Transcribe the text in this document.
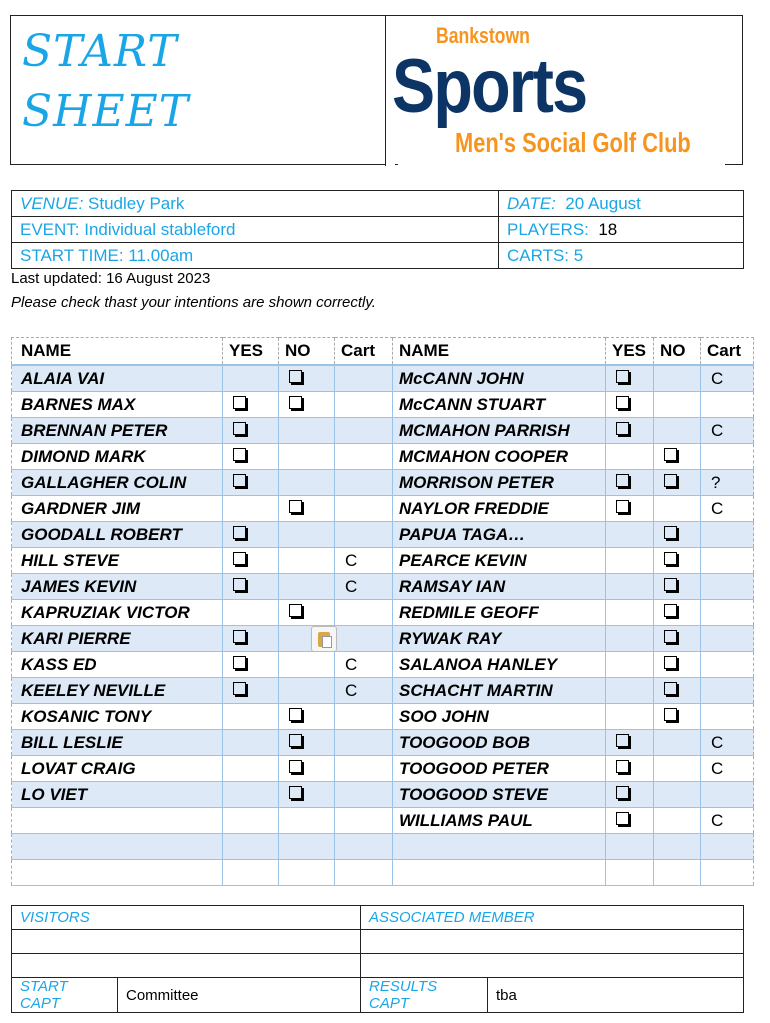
START
SHEET
Bankstown
Sports
Men's Social Golf Club
VENUE: Studley Park	DATE: 20 August
EVENT: Individual stableford	PLAYERS: 18
START TIME: 11.00am	CARTS: 5
Last updated: 16 August 2023
Please check thast your intentions are shown correctly.
NAME	YES	NO	Cart	NAME	YES	NO	Cart
ALAIA VAI				McCANN JOHN			C
BARNES MAX				McCANN STUART			
BRENNAN PETER				MCMAHON PARRISH			C
DIMOND MARK				MCMAHON COOPER			
GALLAGHER COLIN				MORRISON PETER			?
GARDNER JIM				NAYLOR FREDDIE			C
GOODALL ROBERT				PAPUA TAGA…			
HILL STEVE			C	PEARCE KEVIN			
JAMES KEVIN			C	RAMSAY IAN			
KAPRUZIAK VICTOR				REDMILE GEOFF			
KARI PIERRE				RYWAK RAY			
KASS ED			C	SALANOA HANLEY			
KEELEY NEVILLE			C	SCHACHT MARTIN			
KOSANIC TONY				SOO JOHN			
BILL LESLIE				TOOGOOD BOB			C
LOVAT CRAIG				TOOGOOD PETER			C
LO VIET				TOOGOOD STEVE			
				WILLIAMS PAUL			C

VISITORS		ASSOCIATED MEMBER	

START CAPT	Committee	RESULTS CAPT	tba
